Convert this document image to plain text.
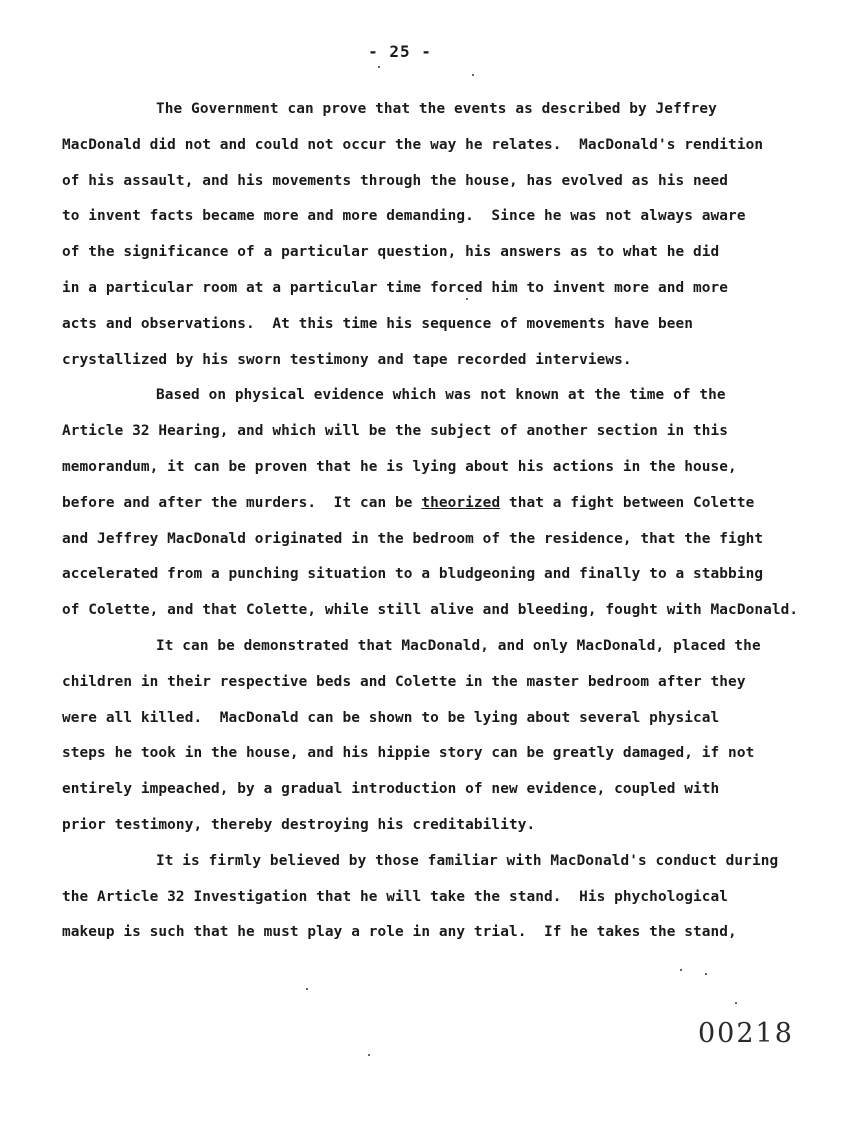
- 25 -
The Government can prove that the events as described by Jeffrey
MacDonald did not and could not occur the way he relates.  MacDonald's rendition
of his assault, and his movements through the house, has evolved as his need
to invent facts became more and more demanding.  Since he was not always aware
of the significance of a particular question, his answers as to what he did
in a particular room at a particular time forced him to invent more and more
acts and observations.  At this time his sequence of movements have been
crystallized by his sworn testimony and tape recorded interviews.
Based on physical evidence which was not known at the time of the
Article 32 Hearing, and which will be the subject of another section in this
memorandum, it can be proven that he is lying about his actions in the house,
before and after the murders.  It can be theorized that a fight between Colette
and Jeffrey MacDonald originated in the bedroom of the residence, that the fight
accelerated from a punching situation to a bludgeoning and finally to a stabbing
of Colette, and that Colette, while still alive and bleeding, fought with MacDonald.
It can be demonstrated that MacDonald, and only MacDonald, placed the
children in their respective beds and Colette in the master bedroom after they
were all killed.  MacDonald can be shown to be lying about several physical
steps he took in the house, and his hippie story can be greatly damaged, if not
entirely impeached, by a gradual introduction of new evidence, coupled with
prior testimony, thereby destroying his creditability.
It is firmly believed by those familiar with MacDonald's conduct during
the Article 32 Investigation that he will take the stand.  His phychological
makeup is such that he must play a role in any trial.  If he takes the stand,
00218
